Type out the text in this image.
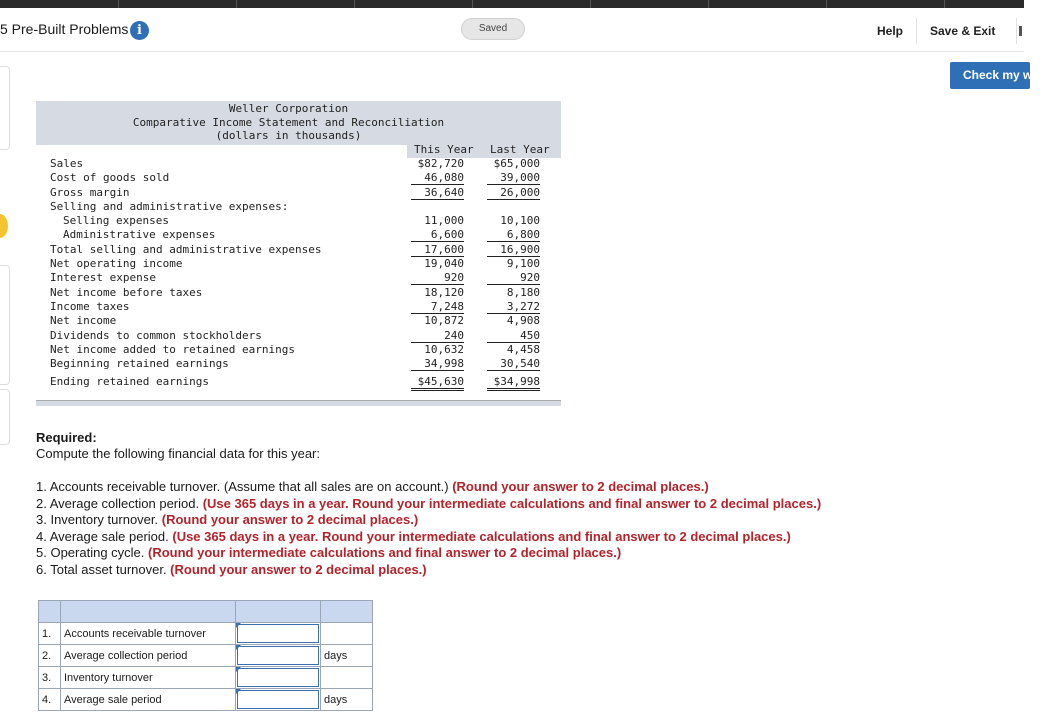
5 Pre-Built Problems i	Saved	Help Save & Exit
Check my work
Weller Corporation
Comparative Income Statement and Reconciliation
(dollars in thousands)
This Year Last Year
Sales	$82,720	$65,000
Cost of goods sold	46,080	39,000
Gross margin	36,640	26,000
Selling and administrative expenses:
Selling expenses	11,000	10,100
Administrative expenses	6,600	6,800
Total selling and administrative expenses	17,600	16,900
Net operating income	19,040	9,100
Interest expense	920	920
Net income before taxes	18,120	8,180
Income taxes	7,248	3,272
Net income	10,872	4,908
Dividends to common stockholders	240	450
Net income added to retained earnings	10,632	4,458
Beginning retained earnings	34,998	30,540
Ending retained earnings	$45,630	$34,998
Required:
Compute the following financial data for this year:
1. Accounts receivable turnover. (Assume that all sales are on account.) (Round your answer to 2 decimal places.)
2. Average collection period. (Use 365 days in a year. Round your intermediate calculations and final answer to 2 decimal places.)
3. Inventory turnover. (Round your answer to 2 decimal places.)
4. Average sale period. (Use 365 days in a year. Round your intermediate calculations and final answer to 2 decimal places.)
5. Operating cycle. (Round your intermediate calculations and final answer to 2 decimal places.)
6. Total asset turnover. (Round your answer to 2 decimal places.)

1.	Accounts receivable turnover	

2.	Average collection period		days
3.	Inventory turnover	

4.	Average sale period		days
